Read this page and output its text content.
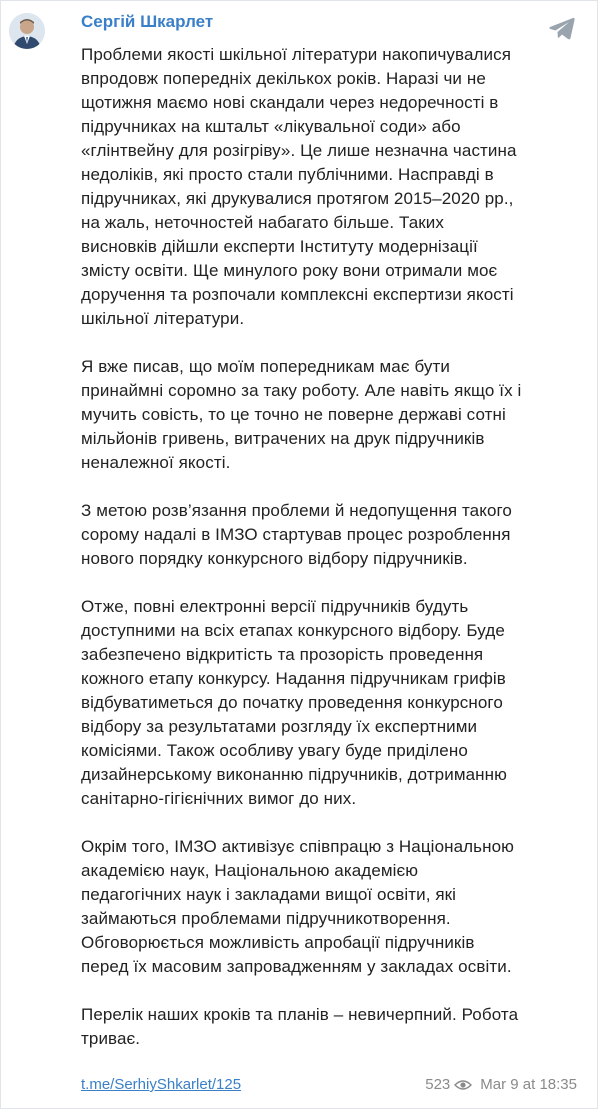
Сергій Шкарлет

Проблеми якості шкільної літератури накопичувалися
впродовж попередніх декількох років. Наразі чи не
щотижня маємо нові скандали через недоречності в
підручниках на кштальт «лікувальної соди» або
«глінтвейну для розігріву». Це лише незначна частина
недоліків, які просто стали публічними. Насправді в
підручниках, які друкувалися протягом 2015–2020 рр.,
на жаль, неточностей набагато більше. Таких
висновків дійшли експерти Інституту модернізації
змісту освіти. Ще минулого року вони отримали моє
доручення та розпочали комплексні експертизи якості
шкільної літератури.

Я вже писав, що моїм попередникам має бути
принаймні соромно за таку роботу. Але навіть якщо їх і
мучить совість, то це точно не поверне державі сотні
мільйонів гривень, витрачених на друк підручників
неналежної якості.

З метою розв’язання проблеми й недопущення такого
сорому надалі в ІМЗО стартував процес розроблення
нового порядку конкурсного відбору підручників.

Отже, повні електронні версії підручників будуть
доступними на всіх етапах конкурсного відбору. Буде
забезпечено відкритість та прозорість проведення
кожного етапу конкурсу. Надання підручникам грифів
відбуватиметься до початку проведення конкурсного
відбору за результатами розгляду їх експертними
комісіями. Також особливу увагу буде приділено
дизайнерському виконанню підручників, дотриманню
санітарно-гігієнічних вимог до них.

Окрім того, ІМЗО активізує співпрацю з Національною
академією наук, Національною академією
педагогічних наук і закладами вищої освіти, які
займаються проблемами підручникотворення.
Обговорюється можливість апробації підручників
перед їх масовим запровадженням у закладах освіти.

Перелік наших кроків та планів – невичерпний. Робота
триває.

t.me/SerhiyShkarlet/125	523 Mar 9 at 18:35
